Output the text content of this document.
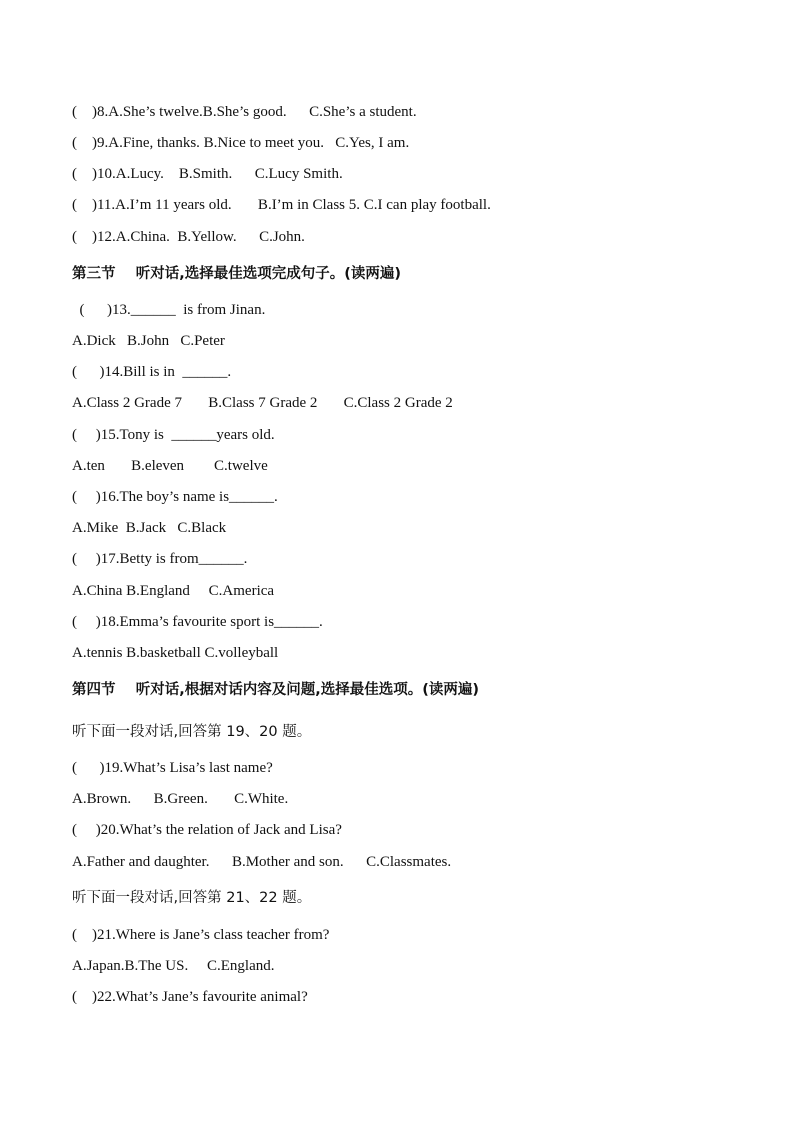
(    )8.A.She’s twelve.B.She’s good.      C.She’s a student.
(    )9.A.Fine, thanks. B.Nice to meet you.   C.Yes, I am.
(    )10.A.Lucy.    B.Smith.      C.Lucy Smith.
(    )11.A.I’m 11 years old.       B.I’m in Class 5. C.I can play football.
(    )12.A.China.  B.Yellow.      C.John.
第三节    听对话,选择最佳选项完成句子。(读两遍)
(      )13.______  is from Jinan.
A.Dick   B.John   C.Peter
(      )14.Bill is in  ______.
A.Class 2 Grade 7       B.Class 7 Grade 2       C.Class 2 Grade 2
(     )15.Tony is  ______years old.
A.ten       B.eleven        C.twelve
(     )16.The boy’s name is______.
A.Mike  B.Jack   C.Black
(     )17.Betty is from______.
A.China B.England     C.America
(     )18.Emma’s favourite sport is______.
A.tennis B.basketball C.volleyball
第四节    听对话,根据对话内容及问题,选择最佳选项。(读两遍)
听下面一段对话,回答第 19、20 题。
(      )19.What’s Lisa’s last name?
A.Brown.      B.Green.       C.White.
(     )20.What’s the relation of Jack and Lisa?
A.Father and daughter.      B.Mother and son.      C.Classmates.
听下面一段对话,回答第 21、22 题。
(    )21.Where is Jane’s class teacher from?
A.Japan.B.The US.     C.England.
(    )22.What’s Jane’s favourite animal?
